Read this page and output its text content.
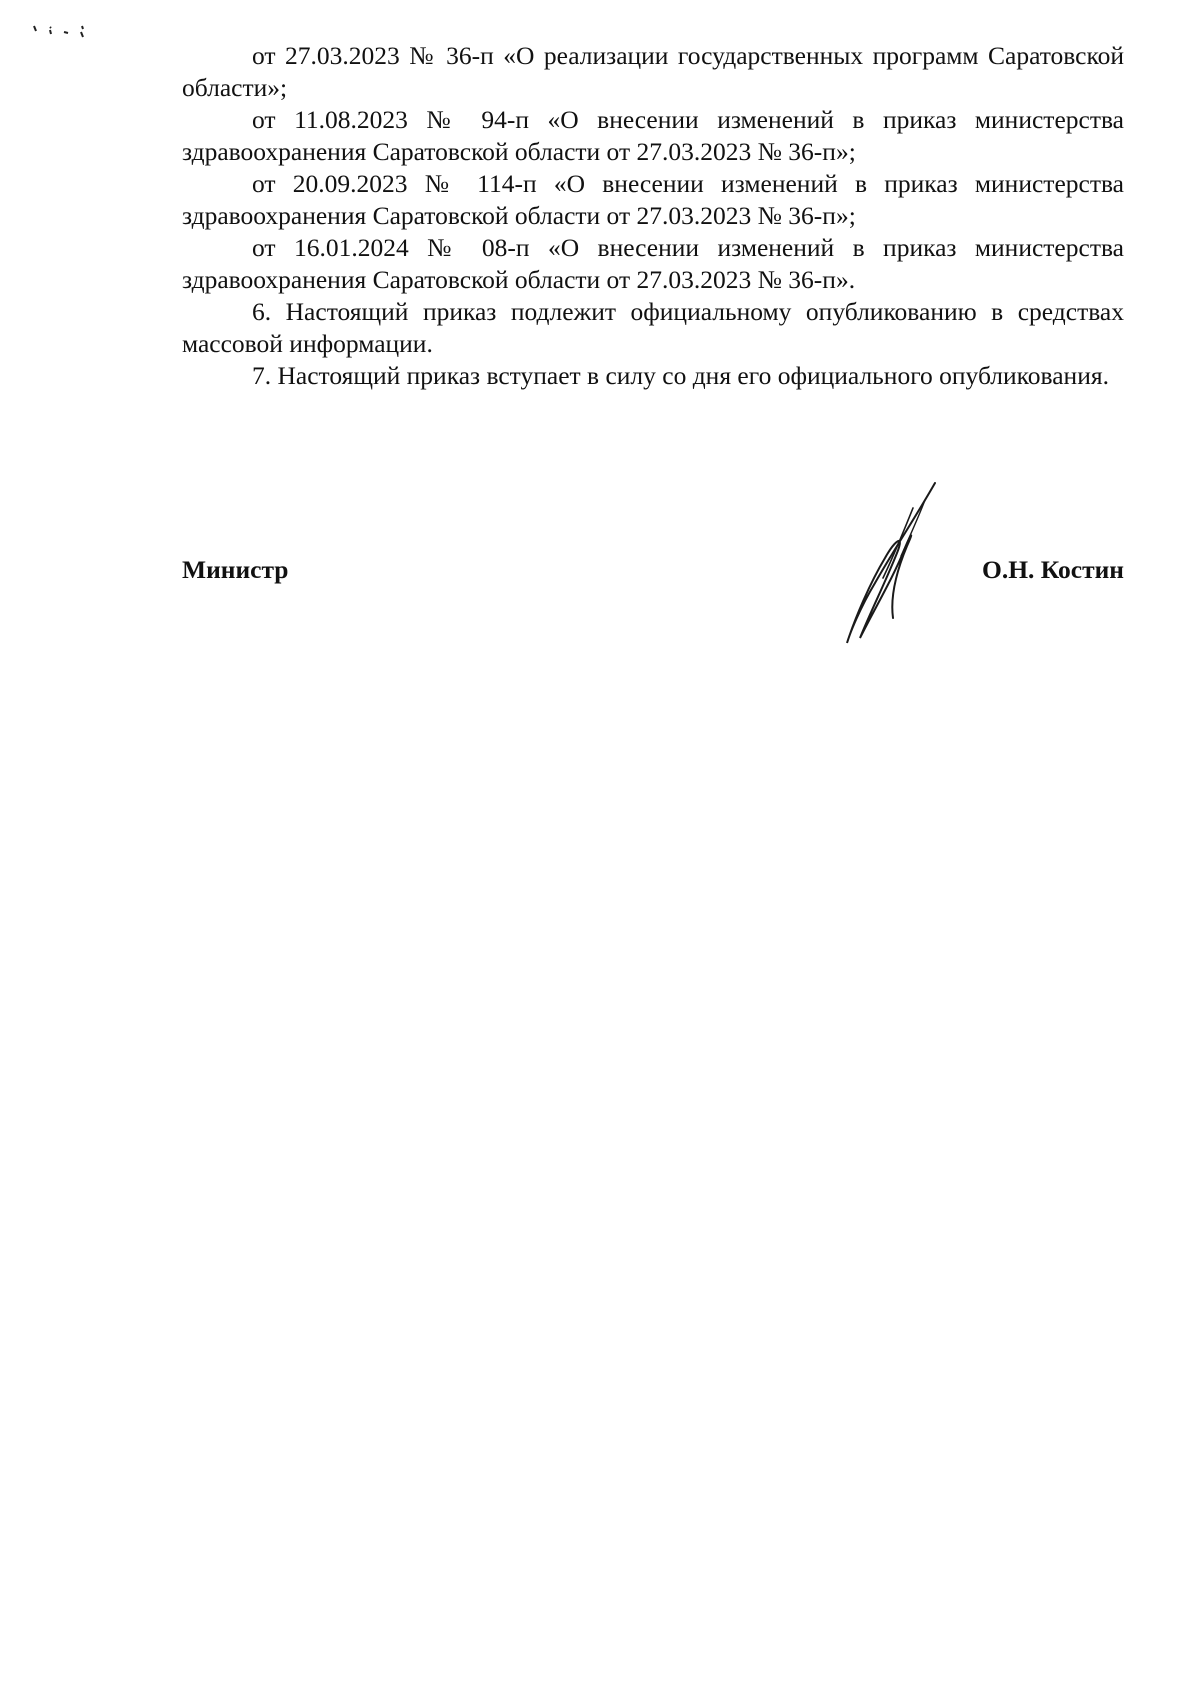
от 27.03.2023 № 36-п «О реализации государственных программ Саратовской области»;

от 11.08.2023 № 94-п «О внесении изменений в приказ министерства здравоохранения Саратовской области от 27.03.2023 № 36-п»;

от 20.09.2023 № 114-п «О внесении изменений в приказ министерства здравоохранения Саратовской области от 27.03.2023 № 36-п»;

от 16.01.2024 № 08-п «О внесении изменений в приказ министерства здравоохранения Саратовской области от 27.03.2023 № 36-п».

6. Настоящий приказ подлежит официальному опубликованию в средствах массовой информации.

7. Настоящий приказ вступает в силу со дня его официального опубликования.

Министр	О.Н. Костин
